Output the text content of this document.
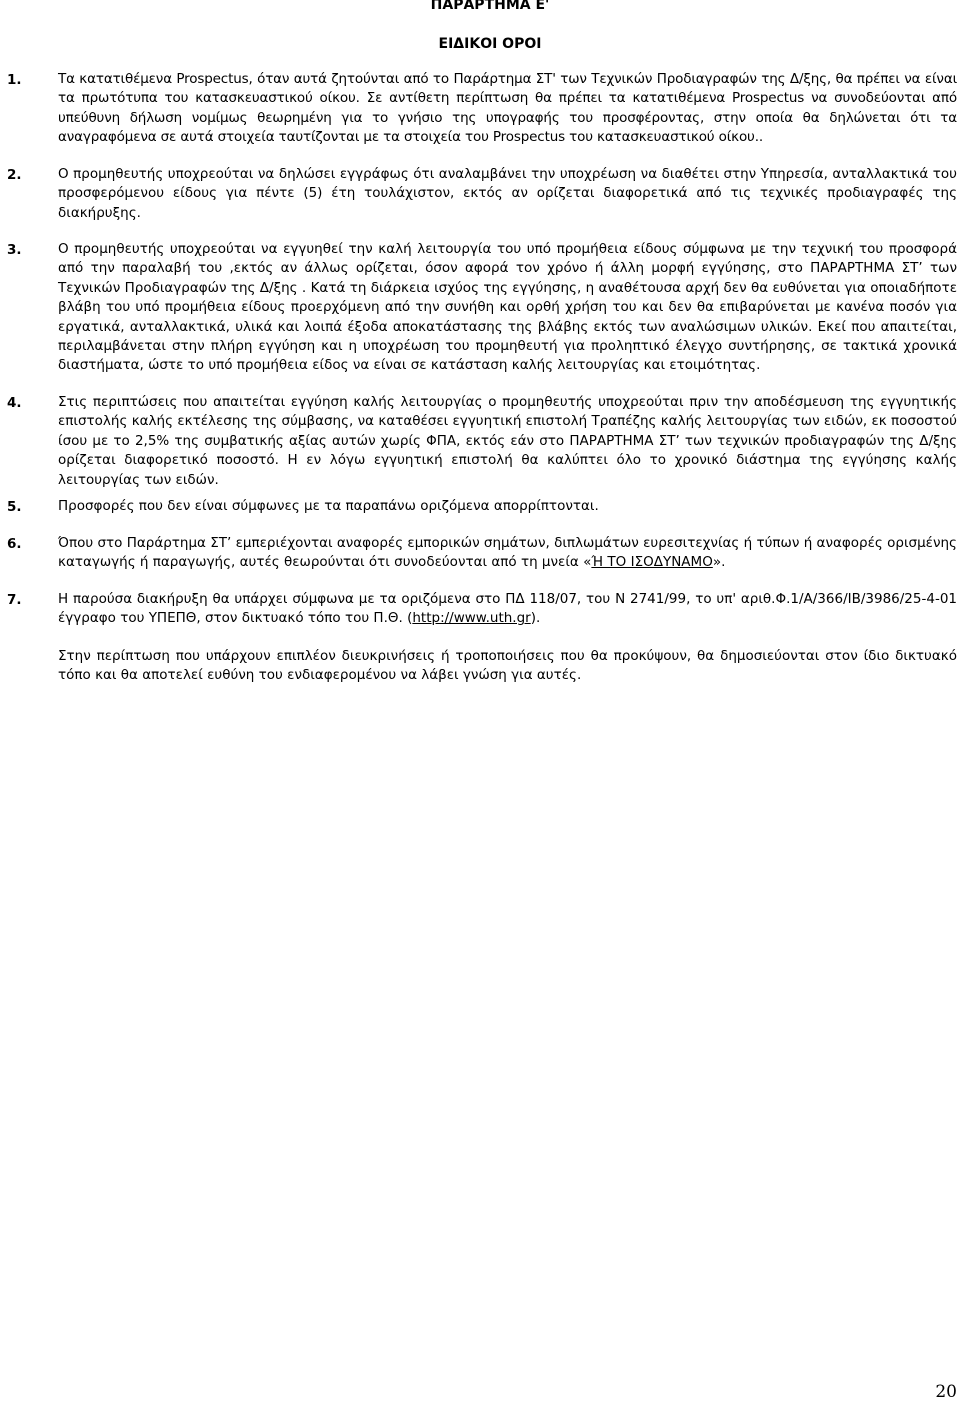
ΠΑΡΑΡΤΗΜΑ Ε'
ΕΙΔΙΚΟΙ ΟΡΟΙ
1.	Τα κατατιθέμενα Prospectus, όταν αυτά ζητούνται από το Παράρτημα ΣΤ' των Τεχνικών Προδιαγραφών της Δ/ξης, θα πρέπει να είναι τα πρωτότυπα του κατασκευαστικού οίκου. Σε αντίθετη περίπτωση θα πρέπει τα κατατιθέμενα Prospectus να συνοδεύονται από υπεύθυνη δήλωση νομίμως θεωρημένη για το γνήσιο της υπογραφής του προσφέροντας, στην οποία θα δηλώνεται ότι τα αναγραφόμενα σε αυτά στοιχεία ταυτίζονται με τα στοιχεία του Prospectus του κατασκευαστικού οίκου..

2.	Ο προμηθευτής υποχρεούται να δηλώσει εγγράφως ότι αναλαμβάνει την υποχρέωση να διαθέτει στην Υπηρεσία, ανταλλακτικά του προσφερόμενου είδους για πέντε (5) έτη τουλάχιστον, εκτός αν ορίζεται διαφορετικά από τις τεχνικές προδιαγραφές της διακήρυξης.

3.	Ο προμηθευτής υποχρεούται να εγγυηθεί την καλή λειτουργία του υπό προμήθεια είδους σύμφωνα με την τεχνική του προσφορά από την παραλαβή του ,εκτός αν άλλως ορίζεται, όσον αφορά τον χρόνο ή άλλη μορφή εγγύησης, στο ΠΑΡΑΡΤΗΜΑ ΣΤ’ των Τεχνικών Προδιαγραφών της Δ/ξης . Κατά τη διάρκεια ισχύος της εγγύησης, η αναθέτουσα αρχή δεν θα ευθύνεται για οποιαδήποτε βλάβη του υπό προμήθεια είδους προερχόμενη από την συνήθη και ορθή χρήση του και δεν θα επιβαρύνεται με κανένα ποσόν για εργατικά, ανταλλακτικά, υλικά και λοιπά έξοδα αποκατάστασης της βλάβης εκτός των αναλώσιμων υλικών. Εκεί που απαιτείται, περιλαμβάνεται στην πλήρη εγγύηση και η υποχρέωση του προμηθευτή για προληπτικό έλεγχο συντήρησης, σε τακτικά χρονικά διαστήματα, ώστε το υπό προμήθεια είδος να είναι σε κατάσταση καλής λειτουργίας και ετοιμότητας.

4.	Στις περιπτώσεις που απαιτείται εγγύηση καλής λειτουργίας ο προμηθευτής υποχρεούται πριν την αποδέσμευση της εγγυητικής επιστολής καλής εκτέλεσης της σύμβασης, να καταθέσει εγγυητική επιστολή Τραπέζης καλής λειτουργίας των ειδών, εκ ποσοστού ίσου με το 2,5% της συμβατικής αξίας αυτών χωρίς ΦΠΑ, εκτός εάν στο ΠΑΡΑΡΤΗΜΑ ΣΤ’ των τεχνικών προδιαγραφών της Δ/ξης ορίζεται διαφορετικό ποσοστό. Η εν λόγω εγγυητική επιστολή θα καλύπτει όλο το χρονικό διάστημα της εγγύησης καλής λειτουργίας των ειδών.

5.	Προσφορές που δεν είναι σύμφωνες με τα παραπάνω οριζόμενα απορρίπτονται.

6.	Όπου στο Παράρτημα ΣΤ’ εμπεριέχονται αναφορές εμπορικών σημάτων, διπλωμάτων ευρεσιτεχνίας ή τύπων ή αναφορές ορισμένης καταγωγής ή παραγωγής, αυτές θεωρούνται ότι συνοδεύονται από τη μνεία «Ή ΤΟ ΙΣΟΔΥΝΑΜΟ».

7.	Η παρούσα διακήρυξη θα υπάρχει σύμφωνα με τα οριζόμενα στο ΠΔ 118/07, του Ν 2741/99, το υπ' αριθ.Φ.1/Α/366/ΙΒ/3986/25-4-01 έγγραφο του ΥΠΕΠΘ, στον δικτυακό τόπο του Π.Θ. (http://www.uth.gr).

Στην περίπτωση που υπάρχουν επιπλέον διευκρινήσεις ή τροποποιήσεις που θα προκύψουν, θα δημοσιεύονται στον ίδιο δικτυακό τόπο και θα αποτελεί ευθύνη του ενδιαφερομένου να λάβει γνώση για αυτές.

20
